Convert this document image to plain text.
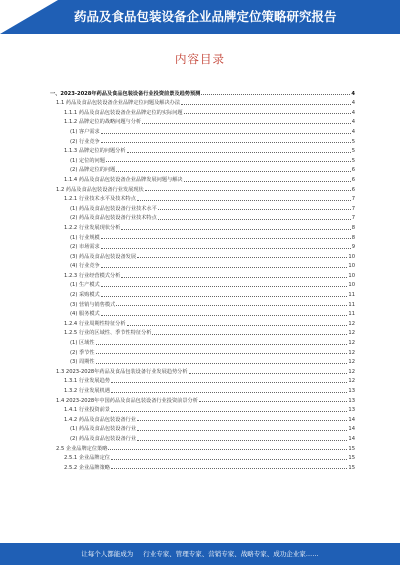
药品及食品包装设备企业品牌定位策略研究报告
内容目录
一、2023-2028年药品及食品包装设备行业投资前景及趋势预测	4
1.1 药品及食品包装设备企业品牌定位问题及解决办法	4
1.1.1 药品及食品包装设备企业品牌定位的实际问题	4
1.1.2 品牌定位的战略问题与分析	4
(1) 客户需求	4
(2) 行业竞争	5
1.1.3 品牌定位的问题分析	5
(1) 定位的问题	5
(2) 品牌定位的问题	6
1.1.4 药品及食品包装设备企业品牌发展问题与解决	6
1.2 药品及食品包装设备行业发展现状	6
1.2.1 行业技术水平及技术特点	7
(1) 药品及食品包装设备行业技术水平	7
(2) 药品及食品包装设备行业技术特点	7
1.2.2 行业发展现状分析	8
(1) 行业规模	8
(2) 市场需求	9
(3) 药品及食品包装设备发展	10
(4) 行业竞争	10
1.2.3 行业经营模式分析	10
(1) 生产模式	10
(2) 采购模式	11
(3) 营销与销售模式	11
(4) 服务模式	11
1.2.4 行业周期性特征分析	12
1.2.5 行业的区域性、季节性特征分析	12
(1) 区域性	12
(2) 季节性	12
(3) 周期性	12
1.3 2023-2028年药品及食品包装设备行业发展趋势分析	12
1.3.1 行业发展趋势	12
1.3.2 行业发展机遇	13
1.4 2023-2028年中国药品及食品包装设备行业投资前景分析	13
1.4.1 行业投资前景	13
1.4.2 药品及食品包装设备行业	14
(1) 药品及食品包装设备行业	14
(2) 药品及食品包装设备行业	14
2.5 企业品牌定位策略	15
2.5.1 企业品牌定位	15
2.5.2 企业品牌策略	15
让每个人都能成为 行业专家、管理专家、营销专家、战略专家、成功企业家……
